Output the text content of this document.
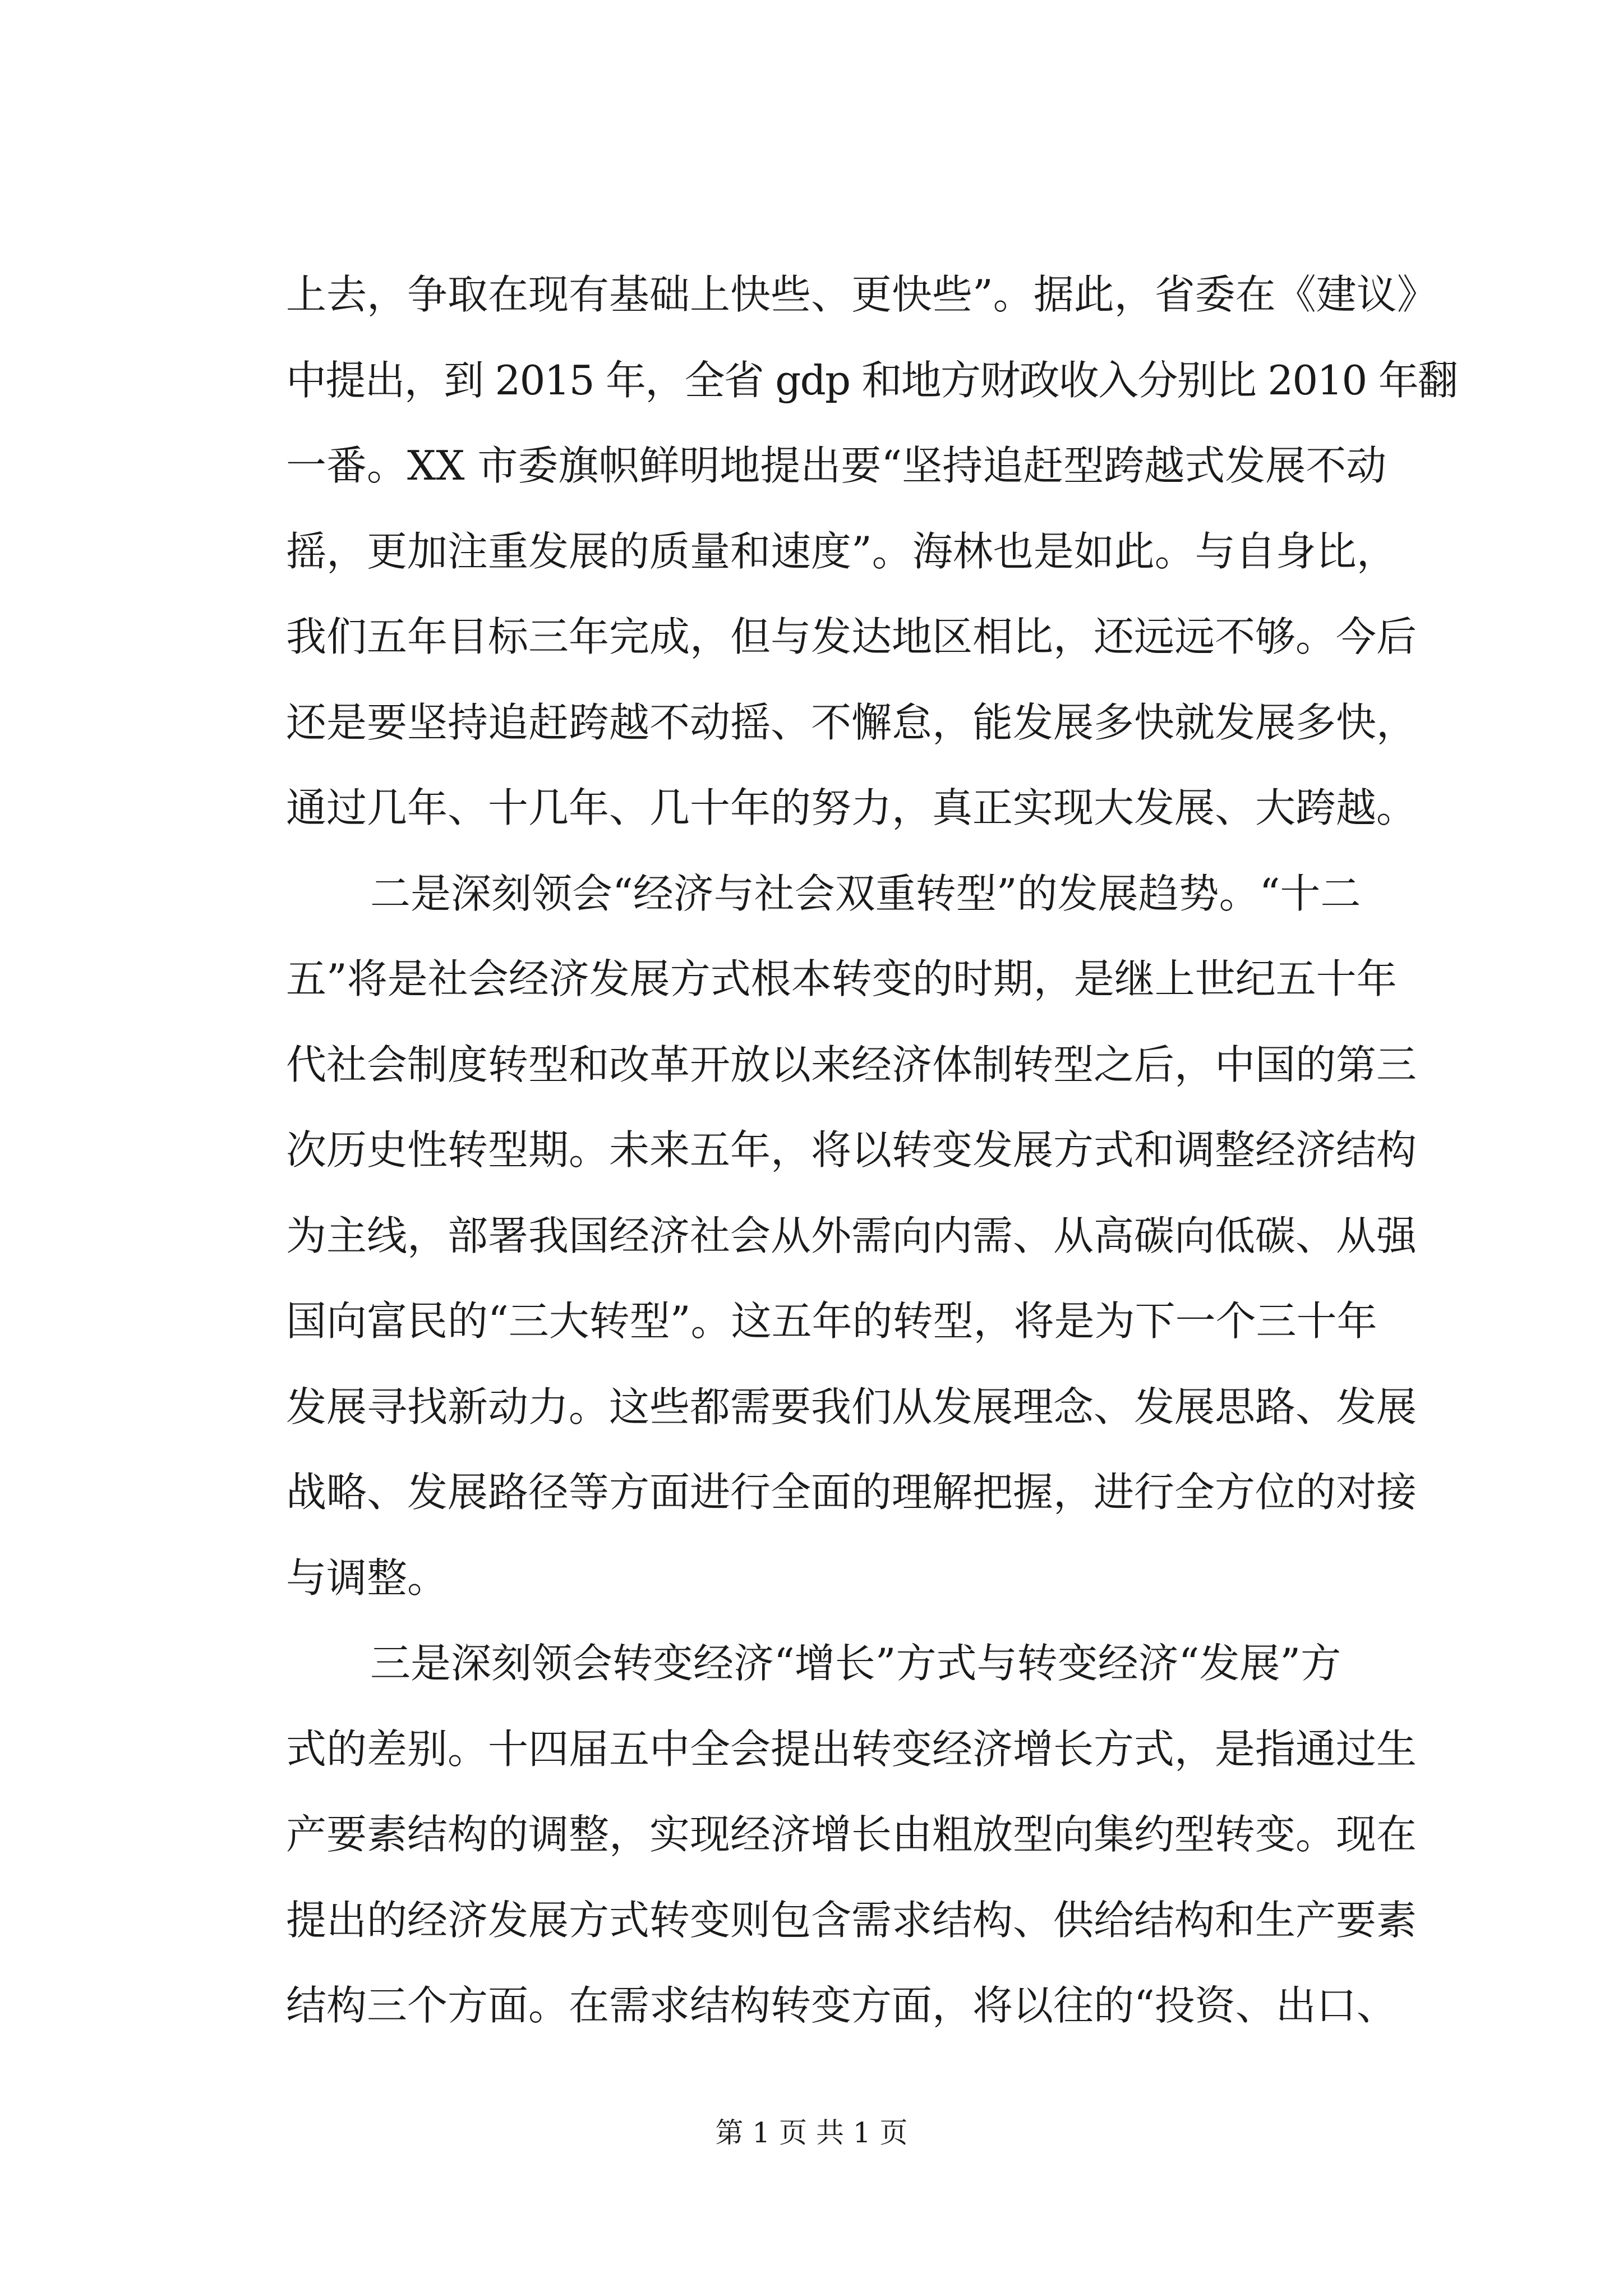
上去，争取在现有基础上快些、更快些”。据此，省委在《建议》
中提出，到 2015 年，全省 gdp 和地方财政收入分别比 2010 年翻
一番。XX 市委旗帜鲜明地提出要“坚持追赶型跨越式发展不动
摇，更加注重发展的质量和速度”。海林也是如此。与自身比，
我们五年目标三年完成，但与发达地区相比，还远远不够。今后
还是要坚持追赶跨越不动摇、不懈怠，能发展多快就发展多快，
通过几年、十几年、几十年的努力，真正实现大发展、大跨越。
二是深刻领会“经济与社会双重转型”的发展趋势。“十二
五”将是社会经济发展方式根本转变的时期，是继上世纪五十年
代社会制度转型和改革开放以来经济体制转型之后，中国的第三
次历史性转型期。未来五年，将以转变发展方式和调整经济结构
为主线，部署我国经济社会从外需向内需、从高碳向低碳、从强
国向富民的“三大转型”。这五年的转型，将是为下一个三十年
发展寻找新动力。这些都需要我们从发展理念、发展思路、发展
战略、发展路径等方面进行全面的理解把握，进行全方位的对接
与调整。
三是深刻领会转变经济“增长”方式与转变经济“发展”方
式的差别。十四届五中全会提出转变经济增长方式，是指通过生
产要素结构的调整，实现经济增长由粗放型向集约型转变。现在
提出的经济发展方式转变则包含需求结构、供给结构和生产要素
结构三个方面。在需求结构转变方面，将以往的“投资、出口、
第 1 页 共 1 页
